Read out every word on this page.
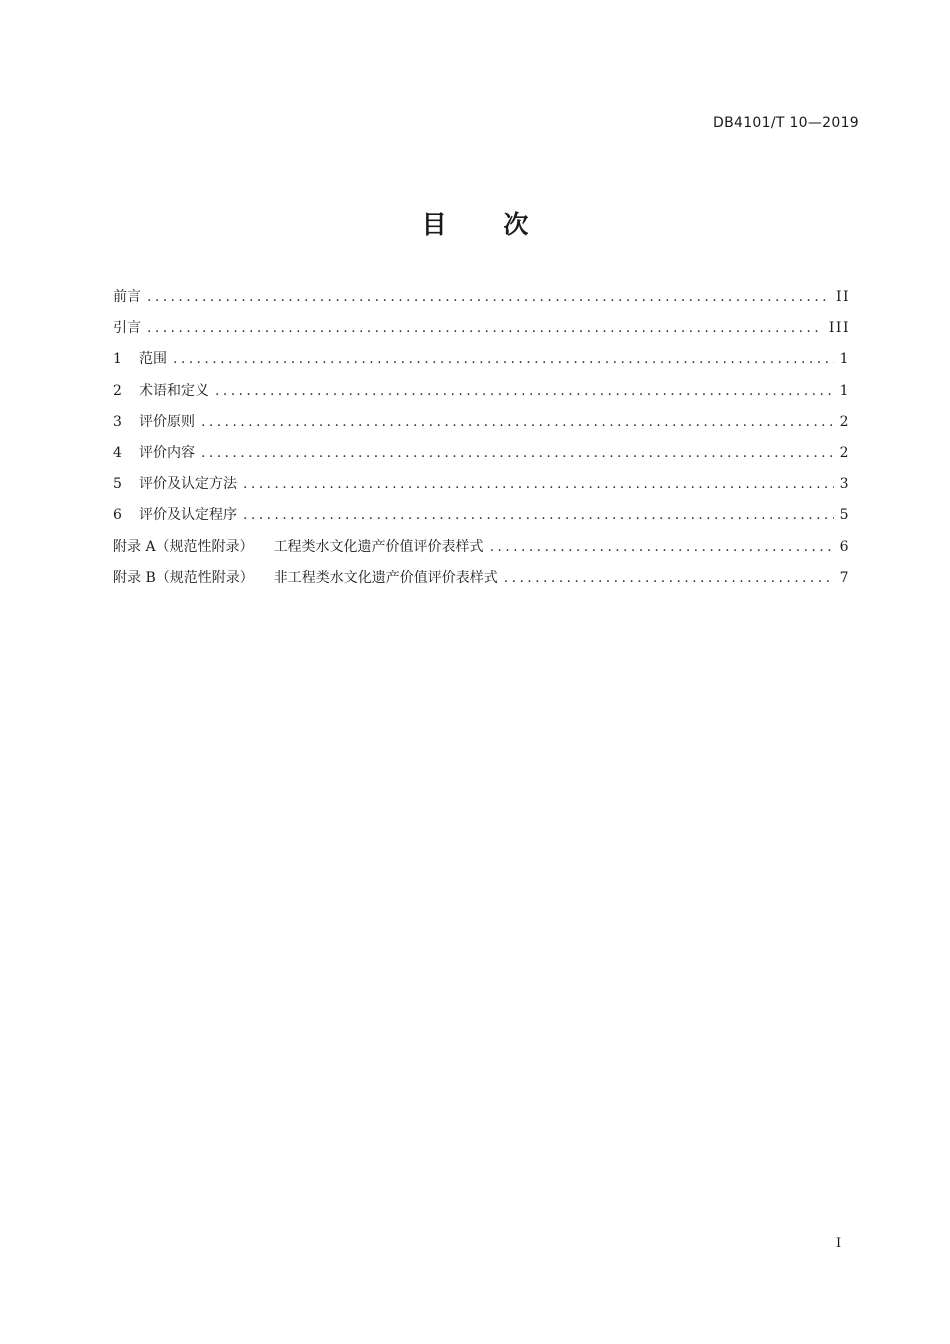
DB4101/T 10—2019
目 次
前言 .....	II
引言 .....	III
1	范围 .....	1
2	术语和定义 .....	1
3	评价原则 .....	2
4	评价内容 .....	2
5	评价及认定方法 .....	3
6	评价及认定程序 .....	5
附录 A（规范性附录） 工程类水文化遗产价值评价表样式 .....	6
附录 B（规范性附录） 非工程类水文化遗产价值评价表样式 .....	7
I
